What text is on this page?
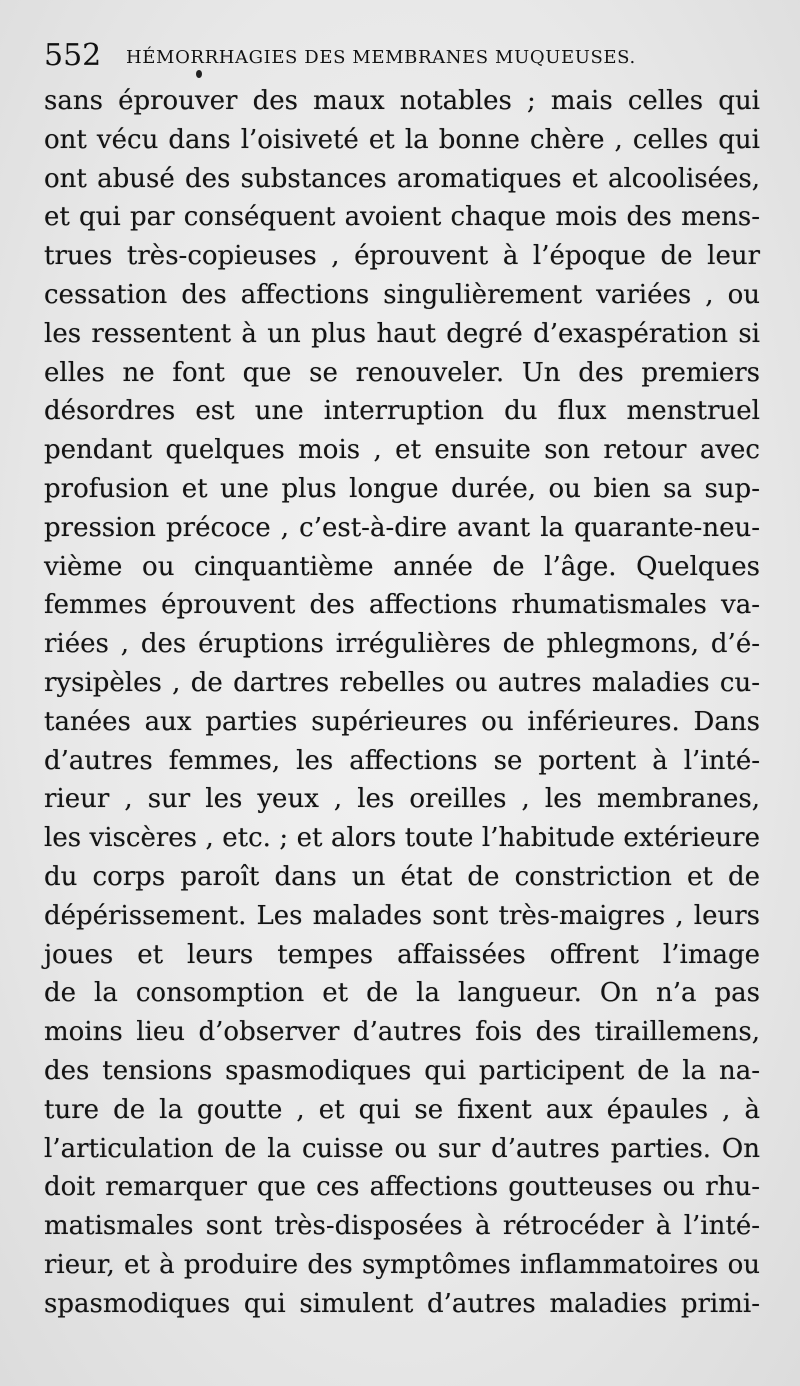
552 HÉMORRHAGIES DES MEMBRANES MUQUEUSES.
sans éprouver des maux notables ; mais celles qui
ont vécu dans l’oisiveté et la bonne chère , celles qui
ont abusé des substances aromatiques et alcoolisées,
et qui par conséquent avoient chaque mois des mens-
trues très-copieuses , éprouvent à l’époque de leur
cessation des affections singulièrement variées , ou
les ressentent à un plus haut degré d’exaspération si
elles ne font que se renouveler. Un des premiers
désordres est une interruption du flux menstruel
pendant quelques mois , et ensuite son retour avec
profusion et une plus longue durée, ou bien sa sup-
pression précoce , c’est-à-dire avant la quarante-neu-
vième ou cinquantième année de l’âge. Quelques
femmes éprouvent des affections rhumatismales va-
riées , des éruptions irrégulières de phlegmons, d’é-
rysipèles , de dartres rebelles ou autres maladies cu-
tanées aux parties supérieures ou inférieures. Dans
d’autres femmes, les affections se portent à l’inté-
rieur , sur les yeux , les oreilles , les membranes,
les viscères , etc. ; et alors toute l’habitude extérieure
du corps paroît dans un état de constriction et de
dépérissement. Les malades sont très-maigres , leurs
joues et leurs tempes affaissées offrent l’image
de la consomption et de la langueur. On n’a pas
moins lieu d’observer d’autres fois des tiraillemens,
des tensions spasmodiques qui participent de la na-
ture de la goutte , et qui se fixent aux épaules , à
l’articulation de la cuisse ou sur d’autres parties. On
doit remarquer que ces affections goutteuses ou rhu-
matismales sont très-disposées à rétrocéder à l’inté-
rieur, et à produire des symptômes inflammatoires ou
spasmodiques qui simulent d’autres maladies primi-
